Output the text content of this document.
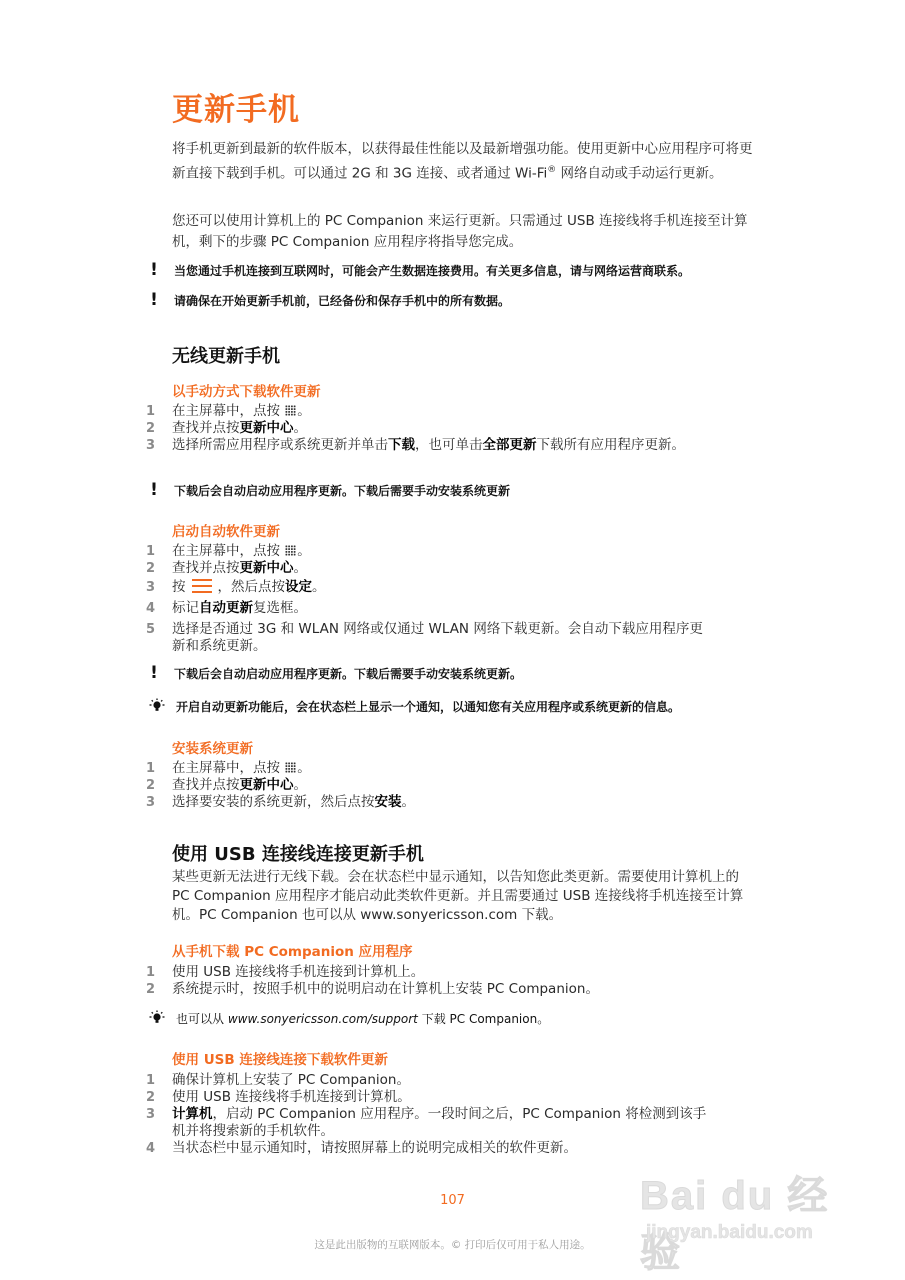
更新手机

将手机更新到最新的软件版本，以获得最佳性能以及最新增强功能。使用更新中心应用程序可将更新直接下载到手机。可以通过 2G 和 3G 连接、或者通过 Wi-Fi® 网络自动或手动运行更新。

您还可以使用计算机上的 PC Companion 来运行更新。只需通过 USB 连接线将手机连接至计算机，剩下的步骤 PC Companion 应用程序将指导您完成。

! 当您通过手机连接到互联网时，可能会产生数据连接费用。有关更多信息，请与网络运营商联系。
! 请确保在开始更新手机前，已经备份和保存手机中的所有数据。
无线更新手机
以手动方式下载软件更新
1	在主屏幕中，点按 。
2	查找并点按更新中心。
3	选择所需应用程序或系统更新并单击下载，也可单击全部更新下载所有应用程序更新。
! 下载后会自动启动应用程序更新。下载后需要手动安装系统更新
启动自动软件更新
1	在主屏幕中，点按 。
2	查找并点按更新中心。
3	按 ，然后点按设定。
4	标记自动更新复选框。
5	选择是否通过 3G 和 WLAN 网络或仅通过 WLAN 网络下载更新。会自动下载应用程序更新和系统更新。
! 下载后会自动启动应用程序更新。下载后需要手动安装系统更新。
开启自动更新功能后，会在状态栏上显示一个通知，以通知您有关应用程序或系统更新的信息。
安装系统更新
1	在主屏幕中，点按 。
2	查找并点按更新中心。
3	选择要安装的系统更新，然后点按安装。
使用 USB 连接线连接更新手机

某些更新无法进行无线下载。会在状态栏中显示通知，以告知您此类更新。需要使用计算机上的 PC Companion 应用程序才能启动此类软件更新。并且需要通过 USB 连接线将手机连接至计算机。PC Companion 也可以从 www.sonyericsson.com 下载。

从手机下载 PC Companion 应用程序
1	使用 USB 连接线将手机连接到计算机上。
2	系统提示时，按照手机中的说明启动在计算机上安装 PC Companion。
也可以从 www.sonyericsson.com/support 下载 PC Companion。
使用 USB 连接线连接下载软件更新
1	确保计算机上安装了 PC Companion。
2	使用 USB 连接线将手机连接到计算机。
3	计算机，启动 PC Companion 应用程序。一段时间之后，PC Companion 将检测到该手机并将搜索新的手机软件。
4	当状态栏中显示通知时，请按照屏幕上的说明完成相关的软件更新。
107
这是此出版物的互联网版本。© 打印后仅可用于私人用途。
Bai du 经验
jingyan.baidu.com
